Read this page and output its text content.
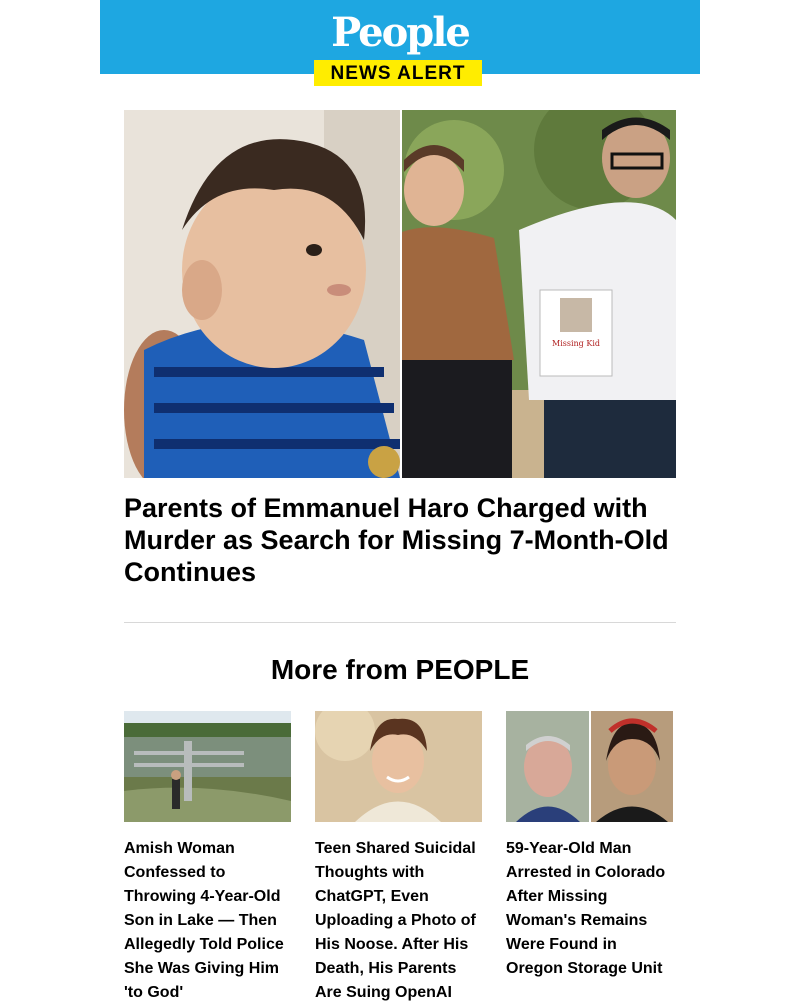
People
NEWS ALERT
Missing Kid
Parents of Emmanuel Haro Charged with Murder as Search for Missing 7-Month-Old Continues
More from PEOPLE
Amish Woman Confessed to Throwing 4-Year-Old Son in Lake — Then Allegedly Told Police She Was Giving Him 'to God'
Teen Shared Suicidal Thoughts with ChatGPT, Even Uploading a Photo of His Noose. After His Death, His Parents Are Suing OpenAI
59-Year-Old Man Arrested in Colorado After Missing Woman's Remains Were Found in Oregon Storage Unit
